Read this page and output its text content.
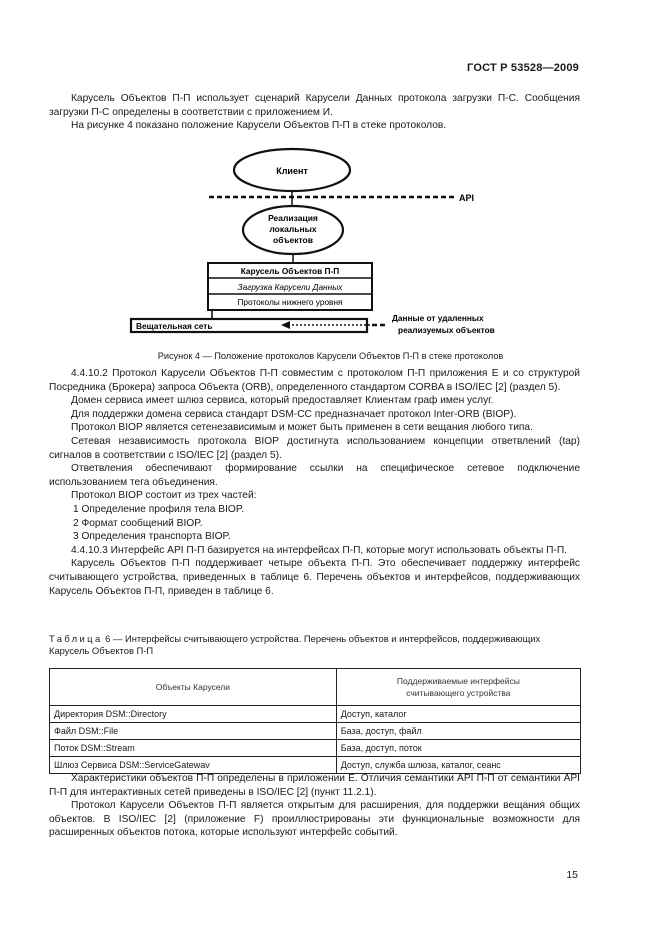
ГОСТ Р 53528—2009

Карусель Объектов П-П использует сценарий Карусели Данных протокола загрузки П-С. Сообщения загрузки П-С определены в соответствии с приложением И.

На рисунке 4 показано положение Карусели Объектов П-П в стеке протоколов.

Клиент
API
Реализация
локальных
объектов
Карусель Объектов П-П
Загрузка Карусели Данных
Протоколы нижнего уровня
Вещательная сеть
Данные от удаленных
реализуемых объектов
Рисунок 4 — Положение протоколов Карусели Объектов П-П в стеке протоколов

4.4.10.2 Протокол Карусели Объектов П-П совместим с протоколом П-П приложения Е и со структурой Посредника (Брокера) запроса Объекта (ORB), определенного стандартом CORBA в ISO/IEC [2] (раздел 5).

Домен сервиса имеет шлюз сервиса, который предоставляет Клиентам граф имен услуг.

Для поддержки домена сервиса стандарт DSM-CC предназначает протокол Inter-ORB (BIOP).

Протокол BIOP является сетенезависимым и может быть применен в сети вещания любого типа.

Сетевая независимость протокола BIOP достигнута использованием концепции ответвлений (tap) сигналов в соответствии с ISO/IEC [2] (раздел 5).

Ответвления обеспечивают формирование ссылки на специфическое сетевое подключение использованием тега объединения.

Протокол BIOP состоит из трех частей:

1 Определение профиля тела BIOP.

2 Формат сообщений BIOP.

3 Определения транспорта BIOP.

4.4.10.3 Интерфейс API П-П базируется на интерфейсах П-П, которые могут использовать объекты П-П.

Карусель Объектов П-П поддерживает четыре объекта П-П. Это обеспечивает поддержку интерфейс считывающего устройства, приведенных в таблице 6. Перечень объектов и интерфейсов, поддерживающих Карусель Объектов П-П, приведен в таблице 6.

Таблица 6 — Интерфейсы считывающего устройства. Перечень объектов и интерфейсов, поддерживающих Карусель Объектов П-П
Объекты Карусели	Поддерживаемые интерфейсы считывающего устройства
Директория DSM::Directory	Доступ, каталог
Файл DSM::File	База, доступ, файл
Поток DSM::Stream	База, доступ, поток
Шлюз Сервиса DSM::ServiceGatewav	Доступ, служба шлюза, каталог, сеанс

Характеристики объектов П-П определены в приложении Е. Отличия семантики API П-П от семантики API П-П для интерактивных сетей приведены в ISO/IEC [2] (пункт 11.2.1).

Протокол Карусели Объектов П-П является открытым для расширения, для поддержки вещания общих объектов. В ISO/IEC [2] (приложение F) проиллюстрированы эти функциональные возможности для расширенных объектов потока, которые используют интерфейс событий.

15
